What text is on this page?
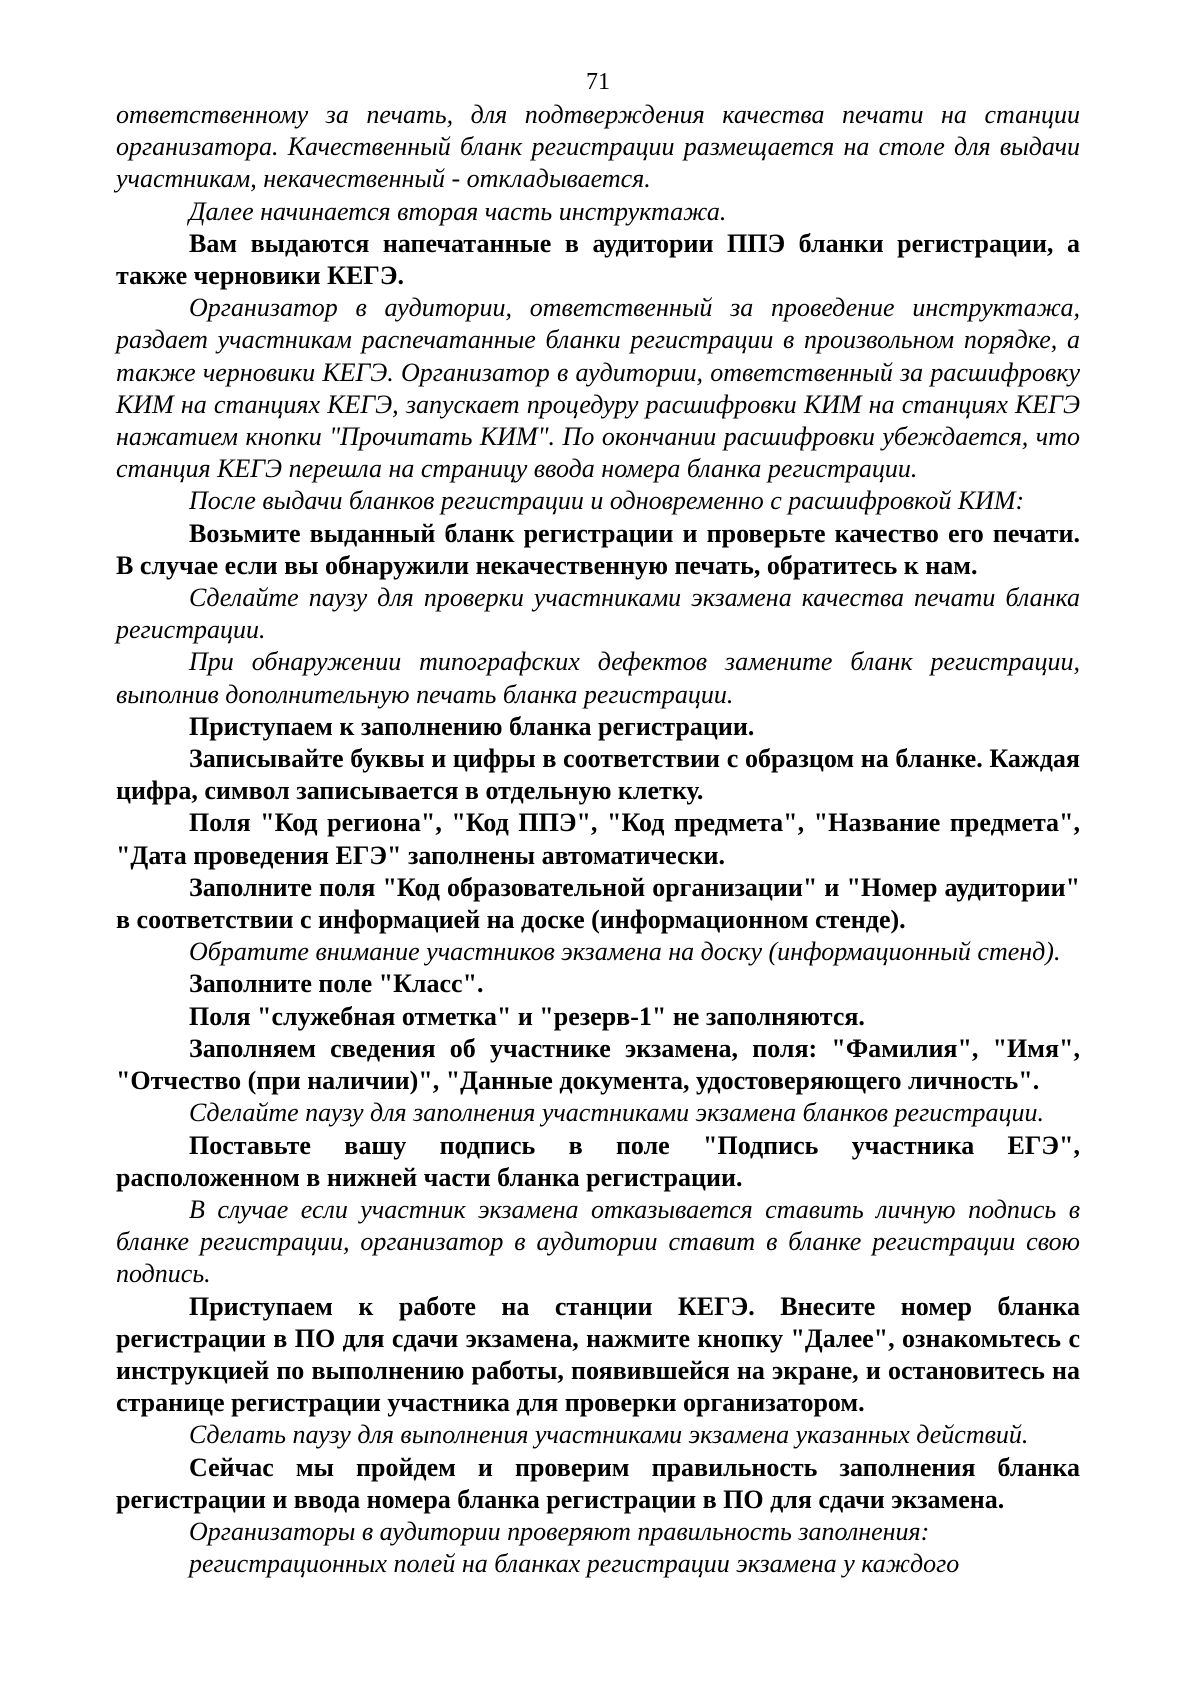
71

ответственному за печать, для подтверждения качества печати на станции организатора. Качественный бланк регистрации размещается на столе для выдачи участникам, некачественный - откладывается.

Далее начинается вторая часть инструктажа.

Вам выдаются напечатанные в аудитории ППЭ бланки регистрации, а также черновики КЕГЭ.

Организатор в аудитории, ответственный за проведение инструктажа, раздает участникам распечатанные бланки регистрации в произвольном порядке, а также черновики КЕГЭ. Организатор в аудитории, ответственный за расшифровку КИМ на станциях КЕГЭ, запускает процедуру расшифровки КИМ на станциях КЕГЭ нажатием кнопки "Прочитать КИМ". По окончании расшифровки убеждается, что станция КЕГЭ перешла на страницу ввода номера бланка регистрации.

После выдачи бланков регистрации и одновременно с расшифровкой КИМ:

Возьмите выданный бланк регистрации и проверьте качество его печати. В случае если вы обнаружили некачественную печать, обратитесь к нам.

Сделайте паузу для проверки участниками экзамена качества печати бланка регистрации.

При обнаружении типографских дефектов замените бланк регистрации, выполнив дополнительную печать бланка регистрации.

Приступаем к заполнению бланка регистрации.

Записывайте буквы и цифры в соответствии с образцом на бланке. Каждая цифра, символ записывается в отдельную клетку.

Поля "Код региона", "Код ППЭ", "Код предмета", "Название предмета", "Дата проведения ЕГЭ" заполнены автоматически.

Заполните поля "Код образовательной организации" и "Номер аудитории" в соответствии с информацией на доске (информационном стенде).

Обратите внимание участников экзамена на доску (информационный стенд).

Заполните поле "Класс".

Поля "служебная отметка" и "резерв-1" не заполняются.

Заполняем сведения об участнике экзамена, поля: "Фамилия", "Имя", "Отчество (при наличии)", "Данные документа, удостоверяющего личность".

Сделайте паузу для заполнения участниками экзамена бланков регистрации.

Поставьте вашу подпись в поле "Подпись участника ЕГЭ", расположенном в нижней части бланка регистрации.

В случае если участник экзамена отказывается ставить личную подпись в бланке регистрации, организатор в аудитории ставит в бланке регистрации свою подпись.

Приступаем к работе на станции КЕГЭ. Внесите номер бланка регистрации в ПО для сдачи экзамена, нажмите кнопку "Далее", ознакомьтесь с инструкцией по выполнению работы, появившейся на экране, и остановитесь на странице регистрации участника для проверки организатором.

Сделать паузу для выполнения участниками экзамена указанных действий.

Сейчас мы пройдем и проверим правильность заполнения бланка регистрации и ввода номера бланка регистрации в ПО для сдачи экзамена.

Организаторы в аудитории проверяют правильность заполнения:

регистрационных полей на бланках регистрации экзамена у каждого
